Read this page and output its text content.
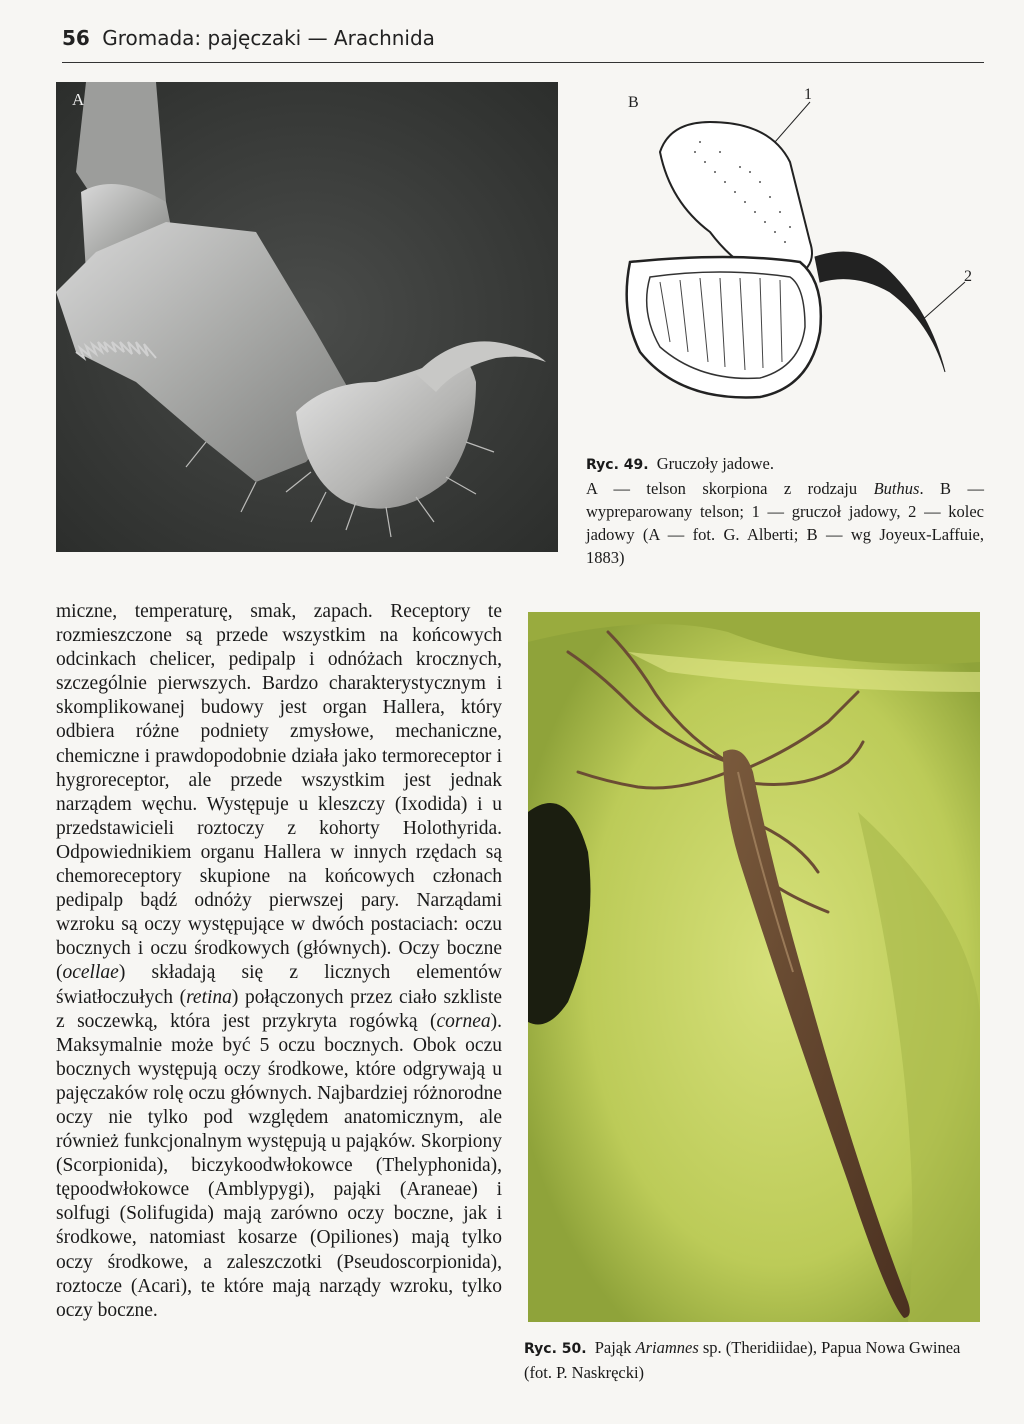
56 Gromada: pajęczaki — Arachnida
A	B	1
2
Ryc. 49. Gruczoły jadowe.
A — telson skorpiona z rodzaju Buthus. B — wypreparowany telson; 1 — gruczoł jadowy, 2 — kolec jadowy (A — fot. G. Alberti; B — wg Joyeux-Laffuie, 1883)

miczne, temperaturę, smak, zapach. Receptory te rozmieszczone są przede wszystkim na końcowych odcinkach chelicer, pedipalp i odnóżach krocznych, szczególnie pierwszych. Bardzo charakterystycznym i skomplikowanej budowy jest organ Hallera, który odbiera różne podniety zmysłowe, mechaniczne, chemiczne i prawdopodobnie działa jako termoreceptor i hygroreceptor, ale przede wszystkim jest jednak narządem węchu. Występuje u kleszczy (Ixodida) i u przedstawicieli roztoczy z kohorty Holothyrida. Odpowiednikiem organu Hallera w innych rzędach są chemoreceptory skupione na końcowych członach pedipalp bądź odnóży pierwszej pary. Narządami wzroku są oczy występujące w dwóch postaciach: oczu bocznych i oczu środkowych (głównych). Oczy boczne (ocellae) składają się z licznych elementów światłoczułych (retina) połączonych przez ciało szkliste z soczewką, która jest przykryta rogówką (cornea). Maksymalnie może być 5 oczu bocznych. Obok oczu bocznych występują oczy środkowe, które odgrywają u pajęczaków rolę oczu głównych. Najbardziej różnorodne oczy nie tylko pod względem anatomicznym, ale również funkcjonalnym występują u pająków. Skorpiony (Scorpionida), biczykoodwłokowce (Thelyphonida), tępoodwłokowce (Amblypygi), pająki (Araneae) i solfugi (Solifugida) mają zarówno oczy boczne, jak i środkowe, natomiast kosarze (Opiliones) mają tylko oczy środkowe, a zaleszczotki (Pseudoscorpionida), roztocze (Acari), te które mają narządy wzroku, tylko oczy boczne.

Ryc. 50. Pająk Ariamnes sp. (Theridiidae), Papua Nowa Gwinea (fot. P. Naskręcki)
